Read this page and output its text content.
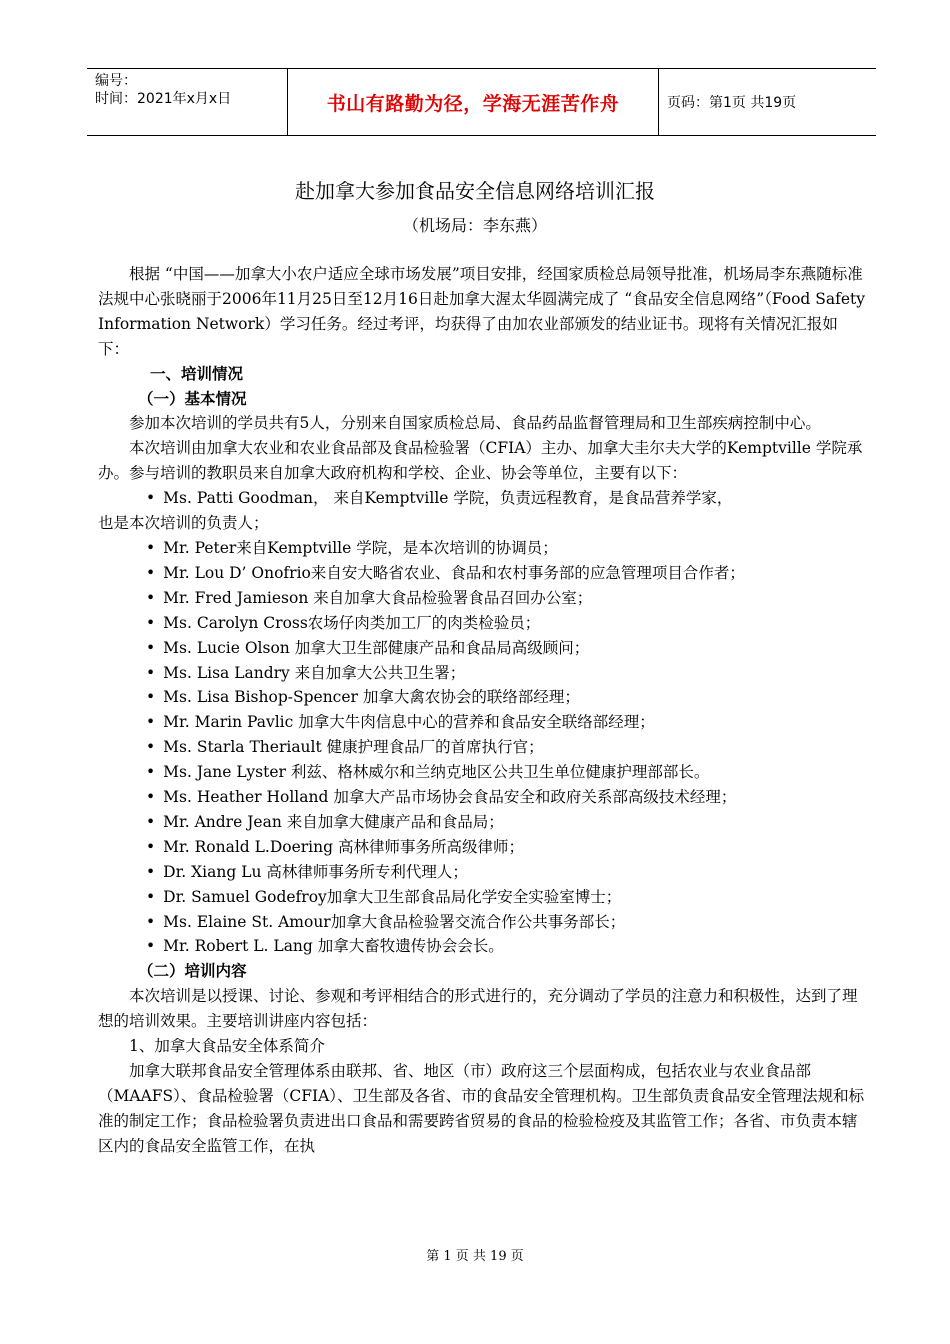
编号：
时间：2021年x月x日	书山有路勤为径，学海无涯苦作舟	页码：第1页 共19页
赴加拿大参加食品安全信息网络培训汇报
（机场局：李东燕）

根据 “中国——加拿大小农户适应全球市场发展”项目安排，经国家质检总局领导批准，机场局李东燕随标准法规中心张晓丽于2006年11月25日至12月16日赴加拿大渥太华圆满完成了 “食品安全信息网络”（Food Safety Information Network）学习任务。经过考评，均获得了由加农业部颁发的结业证书。现将有关情况汇报如下：

一、培训情况

（一）基本情况

参加本次培训的学员共有5人，分别来自国家质检总局、食品药品监督管理局和卫生部疾病控制中心。

本次培训由加拿大农业和农业食品部及食品检验署（CFIA）主办、加拿大圭尔夫大学的Kemptville 学院承办。参与培训的教职员来自加拿大政府机构和学校、企业、协会等单位，主要有以下：

• Ms. Patti Goodman， 来自Kemptville 学院，负责远程教育，是食品营养学家，

也是本次培训的负责人；

• Mr. Peter来自Kemptville 学院，是本次培训的协调员；

• Mr. Lou D’ Onofrio来自安大略省农业、食品和农村事务部的应急管理项目合作者；

• Mr. Fred Jamieson 来自加拿大食品检验署食品召回办公室；

• Ms. Carolyn Cross农场仔肉类加工厂的肉类检验员；

• Ms. Lucie Olson 加拿大卫生部健康产品和食品局高级顾问；

• Ms. Lisa Landry 来自加拿大公共卫生署；

• Ms. Lisa Bishop-Spencer 加拿大禽农协会的联络部经理；

• Mr. Marin Pavlic 加拿大牛肉信息中心的营养和食品安全联络部经理；

• Ms. Starla Theriault 健康护理食品厂的首席执行官；

• Ms. Jane Lyster 利兹、格林威尔和兰纳克地区公共卫生单位健康护理部部长。

• Ms. Heather Holland 加拿大产品市场协会食品安全和政府关系部高级技术经理；

• Mr. Andre Jean 来自加拿大健康产品和食品局；

• Mr. Ronald L.Doering 高林律师事务所高级律师；

• Dr. Xiang Lu 高林律师事务所专利代理人；

• Dr. Samuel Godefroy加拿大卫生部食品局化学安全实验室博士；

• Ms. Elaine St. Amour加拿大食品检验署交流合作公共事务部长；

• Mr. Robert L. Lang 加拿大畜牧遗传协会会长。

（二）培训内容

本次培训是以授课、讨论、参观和考评相结合的形式进行的，充分调动了学员的注意力和积极性，达到了理想的培训效果。主要培训讲座内容包括：

1、加拿大食品安全体系简介

加拿大联邦食品安全管理体系由联邦、省、地区（市）政府这三个层面构成，包括农业与农业食品部（MAAFS）、食品检验署（CFIA）、卫生部及各省、市的食品安全管理机构。卫生部负责食品安全管理法规和标准的制定工作；食品检验署负责进出口食品和需要跨省贸易的食品的检验检疫及其监管工作；各省、市负责本辖区内的食品安全监管工作，在执

第 1 页 共 19 页
